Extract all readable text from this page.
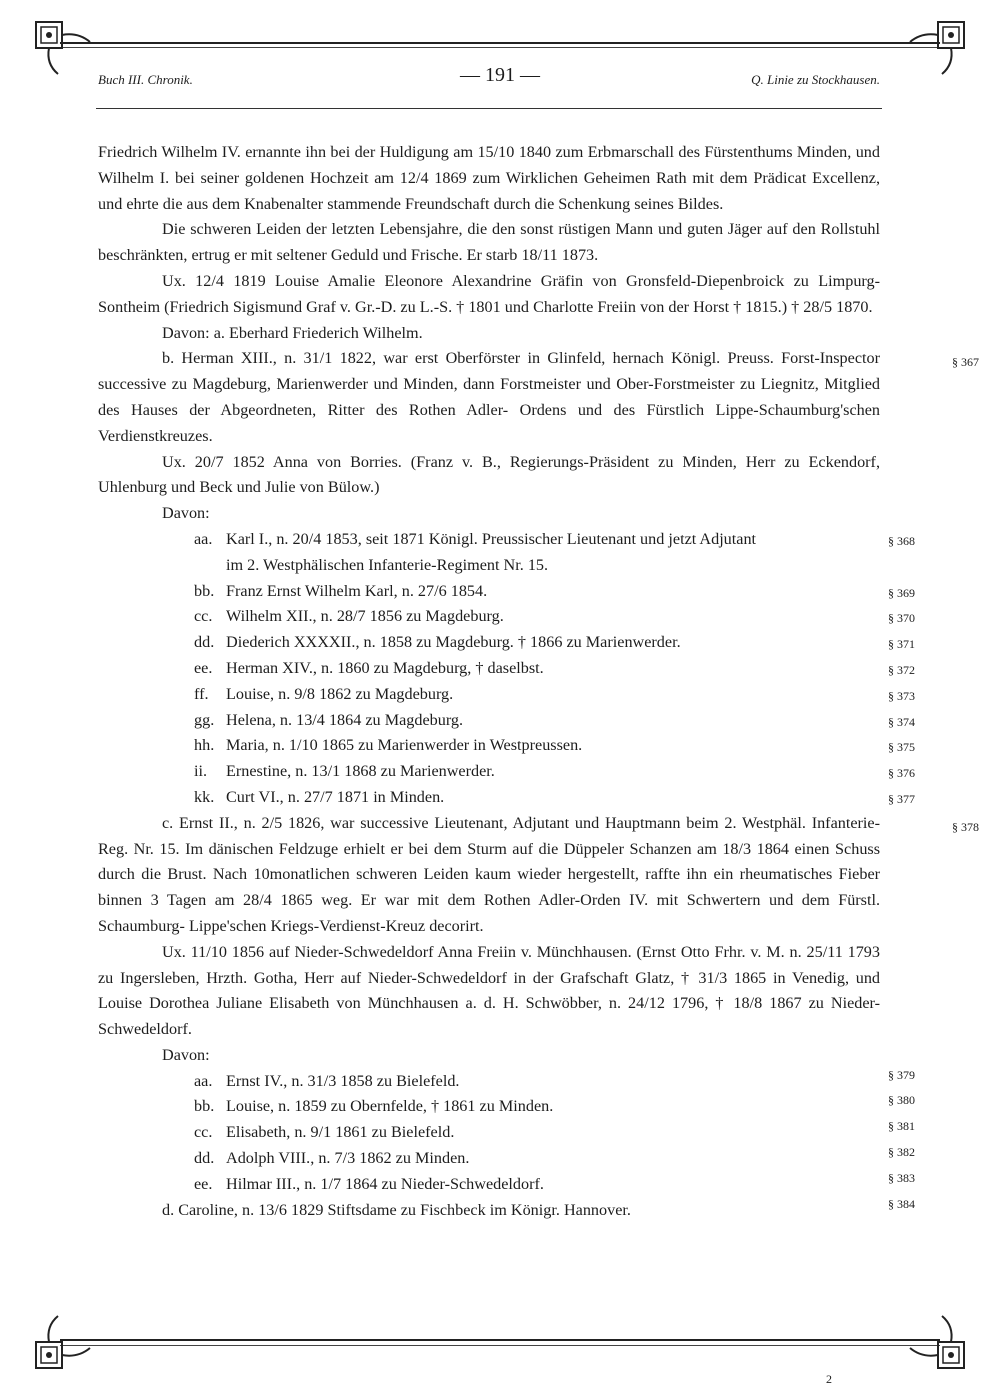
Buch III. Chronik.	— 191 —	Q. Linie zu Stockhausen.

Friedrich Wilhelm IV. ernannte ihn bei der Huldigung am 15/10 1840 zum Erbmarschall des Fürstenthums Minden, und Wilhelm I. bei seiner goldenen Hochzeit am 12/4 1869 zum Wirklichen Geheimen Rath mit dem Prädicat Excellenz, und ehrte die aus dem Knabenalter stammende Freundschaft durch die Schenkung seines Bildes.

Die schweren Leiden der letzten Lebensjahre, die den sonst rüstigen Mann und guten Jäger auf den Rollstuhl beschränkten, ertrug er mit seltener Geduld und Frische. Er starb 18/11 1873.

Ux. 12/4 1819 Louise Amalie Eleonore Alexandrine Gräfin von Gronsfeld-Diepenbroick zu Limpurg-Sontheim (Friedrich Sigismund Graf v. Gr.-D. zu L.-S. † 1801 und Charlotte Freiin von der Horst † 1815.) † 28/5 1870.

Davon: a. Eberhard Friederich Wilhelm.

b. Herman XIII., n. 31/1 1822, war erst Oberförster in Glinfeld, hernach Königl. Preuss. Forst-Inspector successive zu Magdeburg, Marienwerder und Minden, dann Forstmeister und Ober-Forstmeister zu Liegnitz, Mitglied des Hauses der Abgeordneten, Ritter des Rothen Adler- Ordens und des Fürstlich Lippe-Schaumburg'schen Verdienstkreuzes.
§ 367

Ux. 20/7 1852 Anna von Borries. (Franz v. B., Regierungs-Präsident zu Minden, Herr zu Eckendorf, Uhlenburg und Beck und Julie von Bülow.)

Davon:
aa. Karl I., n. 20/4 1853, seit 1871 Königl. Preussischer Lieutenant und jetzt Adjutant	§ 368
im 2. Westphälischen Infanterie-Regiment Nr. 15.
bb. Franz Ernst Wilhelm Karl, n. 27/6 1854.	§ 369
cc. Wilhelm XII., n. 28/7 1856 zu Magdeburg.	§ 370
dd. Diederich XXXXII., n. 1858 zu Magdeburg. † 1866 zu Marienwerder.	§ 371
ee. Herman XIV., n. 1860 zu Magdeburg, † daselbst.	§ 372
ff. Louise, n. 9/8 1862 zu Magdeburg.	§ 373
gg. Helena, n. 13/4 1864 zu Magdeburg.	§ 374
hh. Maria, n. 1/10 1865 zu Marienwerder in Westpreussen.	§ 375
ii. Ernestine, n. 13/1 1868 zu Marienwerder.	§ 376
kk. Curt VI., n. 27/7 1871 in Minden.	§ 377

c. Ernst II., n. 2/5 1826, war successive Lieutenant, Adjutant und Hauptmann beim 2. Westphäl. Infanterie-Reg. Nr. 15. Im dänischen Feldzuge erhielt er bei dem Sturm auf die Düppeler Schanzen am 18/3 1864 einen Schuss durch die Brust. Nach 10monatlichen schweren Leiden kaum wieder hergestellt, raffte ihn ein rheumatisches Fieber binnen 3 Tagen am 28/4 1865 weg. Er war mit dem Rothen Adler-Orden IV. mit Schwertern und dem Fürstl. Schaumburg- Lippe'schen Kriegs-Verdienst-Kreuz decorirt.
§ 378

Ux. 11/10 1856 auf Nieder-Schwedeldorf Anna Freiin v. Münchhausen. (Ernst Otto Frhr. v. M. n. 25/11 1793 zu Ingersleben, Hrzth. Gotha, Herr auf Nieder-Schwedeldorf in der Grafschaft Glatz, † 31/3 1865 in Venedig, und Louise Dorothea Juliane Elisabeth von Münchhausen a. d. H. Schwöbber, n. 24/12 1796, † 18/8 1867 zu Nieder-Schwedeldorf.

Davon:
aa. Ernst IV., n. 31/3 1858 zu Bielefeld.	§ 379
bb. Louise, n. 1859 zu Obernfelde, † 1861 zu Minden.	§ 380
cc. Elisabeth, n. 9/1 1861 zu Bielefeld.	§ 381
dd. Adolph VIII., n. 7/3 1862 zu Minden.	§ 382
ee. Hilmar III., n. 1/7 1864 zu Nieder-Schwedeldorf.	§ 383
d. Caroline, n. 13/6 1829 Stiftsdame zu Fischbeck im Königr. Hannover.	§ 384
2
